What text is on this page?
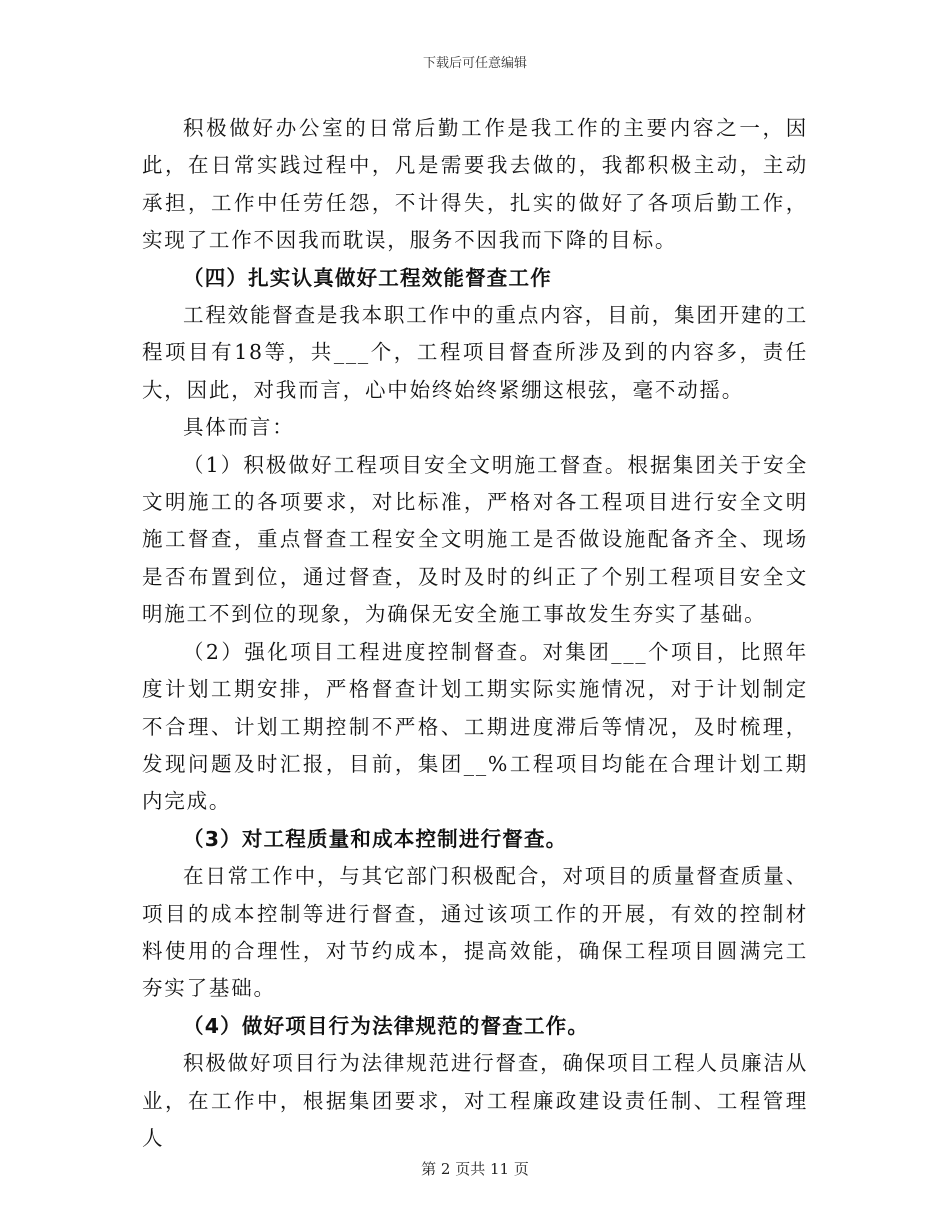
下载后可任意编辑

积极做好办公室的日常后勤工作是我工作的主要内容之一，因此，在日常实践过程中，凡是需要我去做的，我都积极主动，主动承担，工作中任劳任怨，不计得失，扎实的做好了各项后勤工作，实现了工作不因我而耽误，服务不因我而下降的目标。

（四）扎实认真做好工程效能督查工作

工程效能督查是我本职工作中的重点内容，目前，集团开建的工程项目有18等，共___个，工程项目督查所涉及到的内容多，责任大，因此，对我而言，心中始终始终紧绷这根弦，毫不动摇。

具体而言：

（1）积极做好工程项目安全文明施工督查。根据集团关于安全文明施工的各项要求，对比标准，严格对各工程项目进行安全文明施工督查，重点督查工程安全文明施工是否做设施配备齐全、现场是否布置到位，通过督查，及时及时的纠正了个别工程项目安全文明施工不到位的现象，为确保无安全施工事故发生夯实了基础。

（2）强化项目工程进度控制督查。对集团___个项目，比照年度计划工期安排，严格督查计划工期实际实施情况，对于计划制定不合理、计划工期控制不严格、工期进度滞后等情况，及时梳理，发现问题及时汇报，目前，集团__%工程项目均能在合理计划工期内完成。

（3）对工程质量和成本控制进行督查。

在日常工作中，与其它部门积极配合，对项目的质量督查质量、项目的成本控制等进行督查，通过该项工作的开展，有效的控制材料使用的合理性，对节约成本，提高效能，确保工程项目圆满完工夯实了基础。

（4）做好项目行为法律规范的督查工作。

积极做好项目行为法律规范进行督查，确保项目工程人员廉洁从业，在工作中，根据集团要求，对工程廉政建设责任制、工程管理人

第 2 页共 11 页
